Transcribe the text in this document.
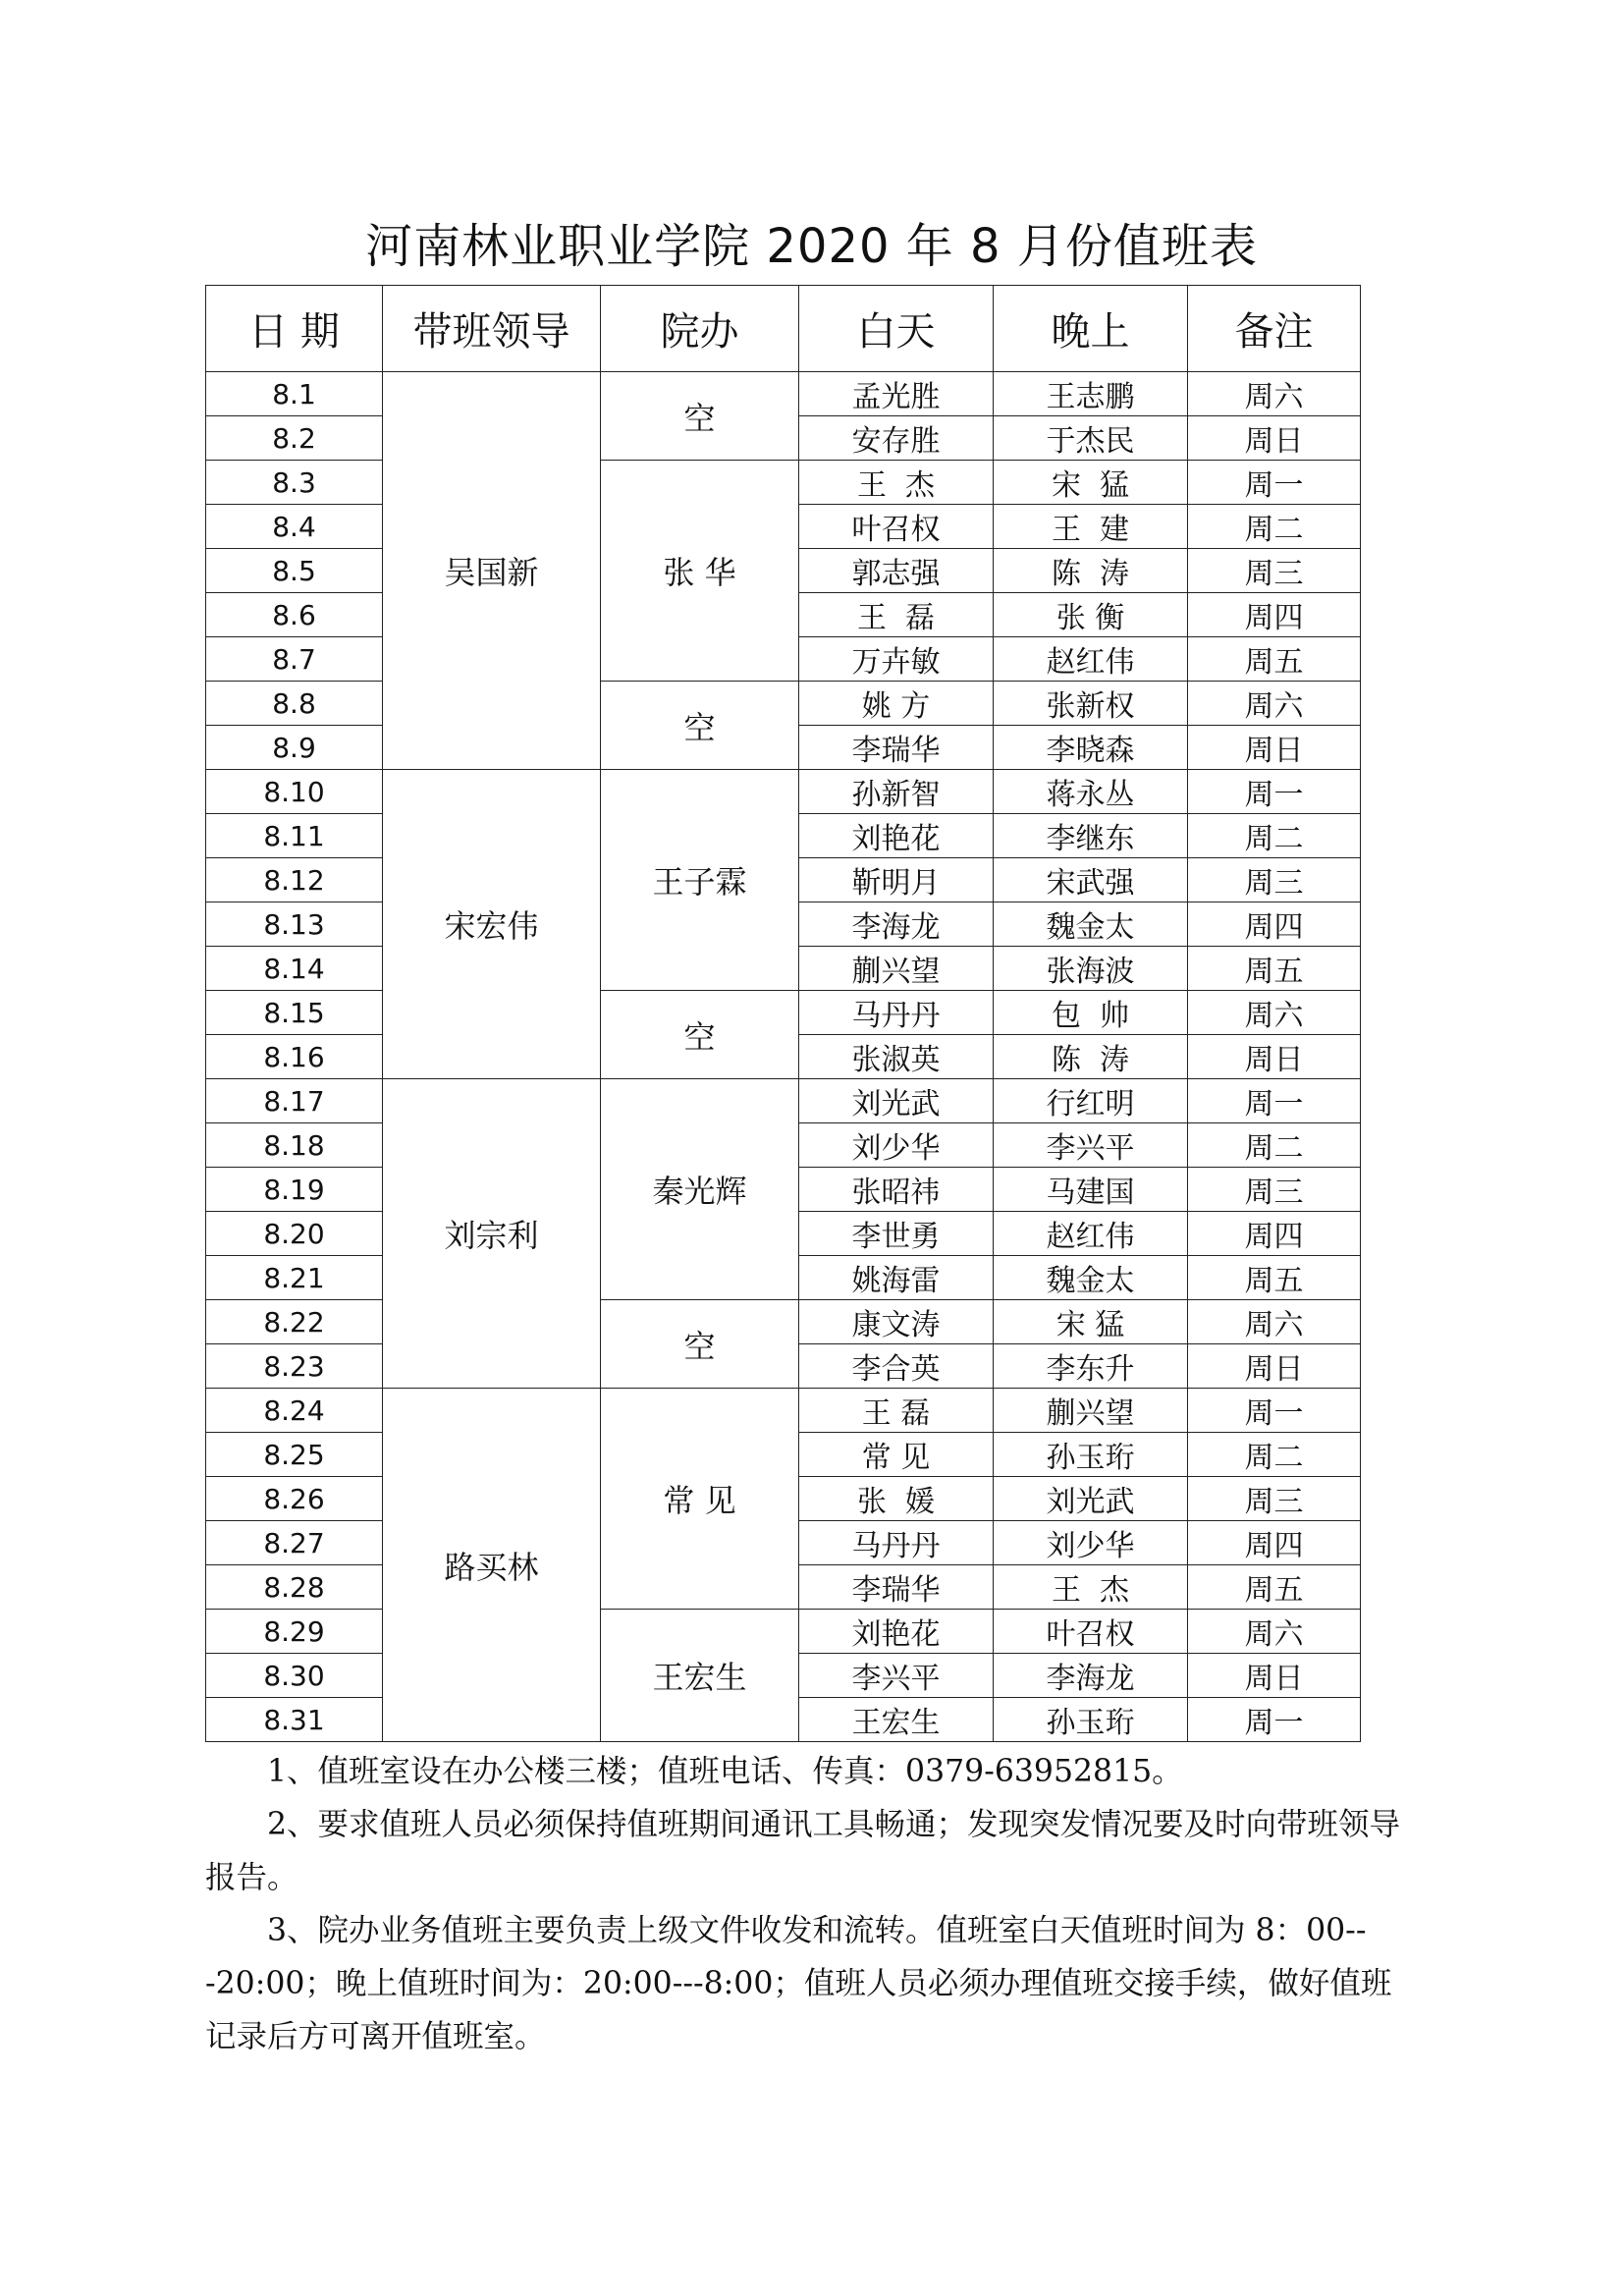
河南林业职业学院 2020 年 8 月份值班表
日 期	带班领导	院办	白天	晚上	备注
8.1	吴国新	空	孟光胜	王志鹏	周六
8.2			安存胜	于杰民	周日
8.3		张 华	王  杰	宋  猛	周一
8.4			叶召权	王  建	周二
8.5			郭志强	陈  涛	周三
8.6			王  磊	张 衡	周四
8.7			万卉敏	赵红伟	周五
8.8		空	姚 方	张新权	周六
8.9			李瑞华	李晓森	周日
8.10	宋宏伟	王子霖	孙新智	蒋永丛	周一
8.11			刘艳花	李继东	周二
8.12			靳明月	宋武强	周三
8.13			李海龙	魏金太	周四
8.14			蒯兴望	张海波	周五
8.15		空	马丹丹	包  帅	周六
8.16			张淑英	陈  涛	周日
8.17	刘宗利	秦光辉	刘光武	行红明	周一
8.18			刘少华	李兴平	周二
8.19			张昭祎	马建国	周三
8.20			李世勇	赵红伟	周四
8.21			姚海雷	魏金太	周五
8.22		空	康文涛	宋 猛	周六
8.23			李合英	李东升	周日
8.24	路买林	常 见	王 磊	蒯兴望	周一
8.25			常 见	孙玉珩	周二
8.26			张  媛	刘光武	周三
8.27			马丹丹	刘少华	周四
8.28			李瑞华	王  杰	周五
8.29		王宏生	刘艳花	叶召权	周六
8.30			李兴平	李海龙	周日
8.31			王宏生	孙玉珩	周一

1、值班室设在办公楼三楼；值班电话、传真：0379-63952815。

2、要求值班人员必须保持值班期间通讯工具畅通；发现突发情况要及时向带班领导报告。

3、院办业务值班主要负责上级文件收发和流转。值班室白天值班时间为 8：00---20:00；晚上值班时间为：20:00---8:00；值班人员必须办理值班交接手续，做好值班记录后方可离开值班室。
